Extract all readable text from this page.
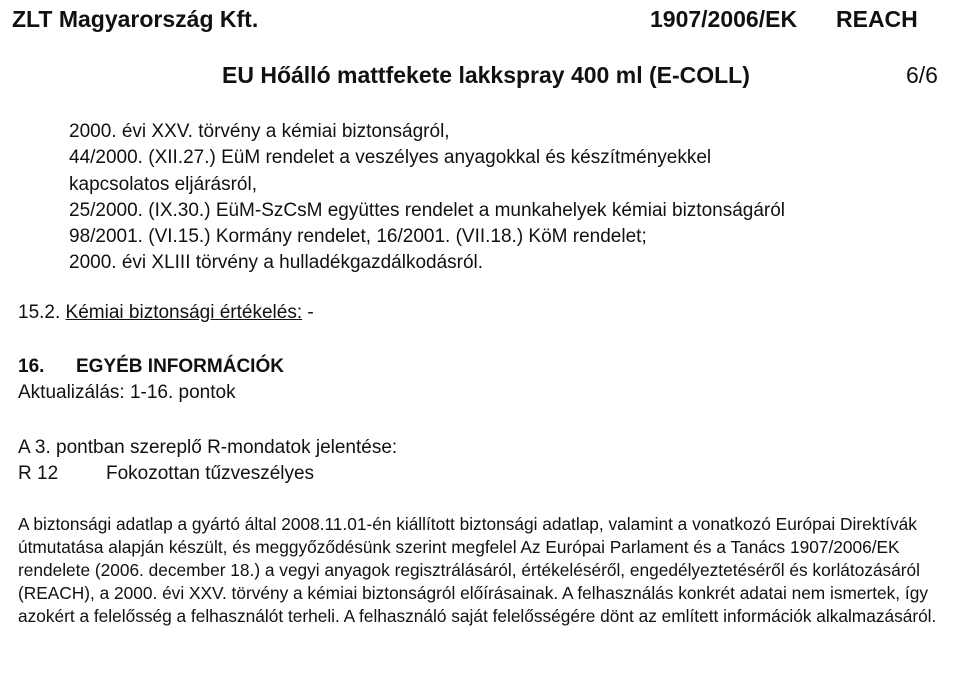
ZLT Magyarország Kft.	1907/2006/EK REACH
EU Hőálló mattfekete lakkspray 400 ml (E-COLL)	6/6
2000. évi XXV. törvény a kémiai biztonságról,
44/2000. (XII.27.) EüM rendelet a veszélyes anyagokkal és készítményekkel
kapcsolatos eljárásról,
25/2000. (IX.30.) EüM-SzCsM együttes rendelet a munkahelyek kémiai biztonságáról
98/2001. (VI.15.) Kormány rendelet, 16/2001. (VII.18.) KöM rendelet;
2000. évi XLIII törvény a hulladékgazdálkodásról.
15.2. Kémiai biztonsági értékelés: -
16. EGYÉB INFORMÁCIÓK
Aktualizálás: 1-16. pontok
A 3. pontban szereplő R-mondatok jelentése:
R 12	Fokozottan tűzveszélyes

A biztonsági adatlap a gyártó által 2008.11.01-én kiállított biztonsági adatlap, valamint a vonatkozó Európai Direktívák útmutatása alapján készült, és meggyőződésünk szerint megfelel Az Európai Parlament és a Tanács 1907/2006/EK rendelete (2006. december 18.) a vegyi anyagok regisztrálásáról, értékeléséről, engedélyeztetéséről és korlátozásáról (REACH), a 2000. évi XXV. törvény a kémiai biztonságról előírásainak. A felhasználás konkrét adatai nem ismertek, így azokért a felelősség a felhasználót terheli. A felhasználó saját felelősségére dönt az említett információk alkalmazásáról.
